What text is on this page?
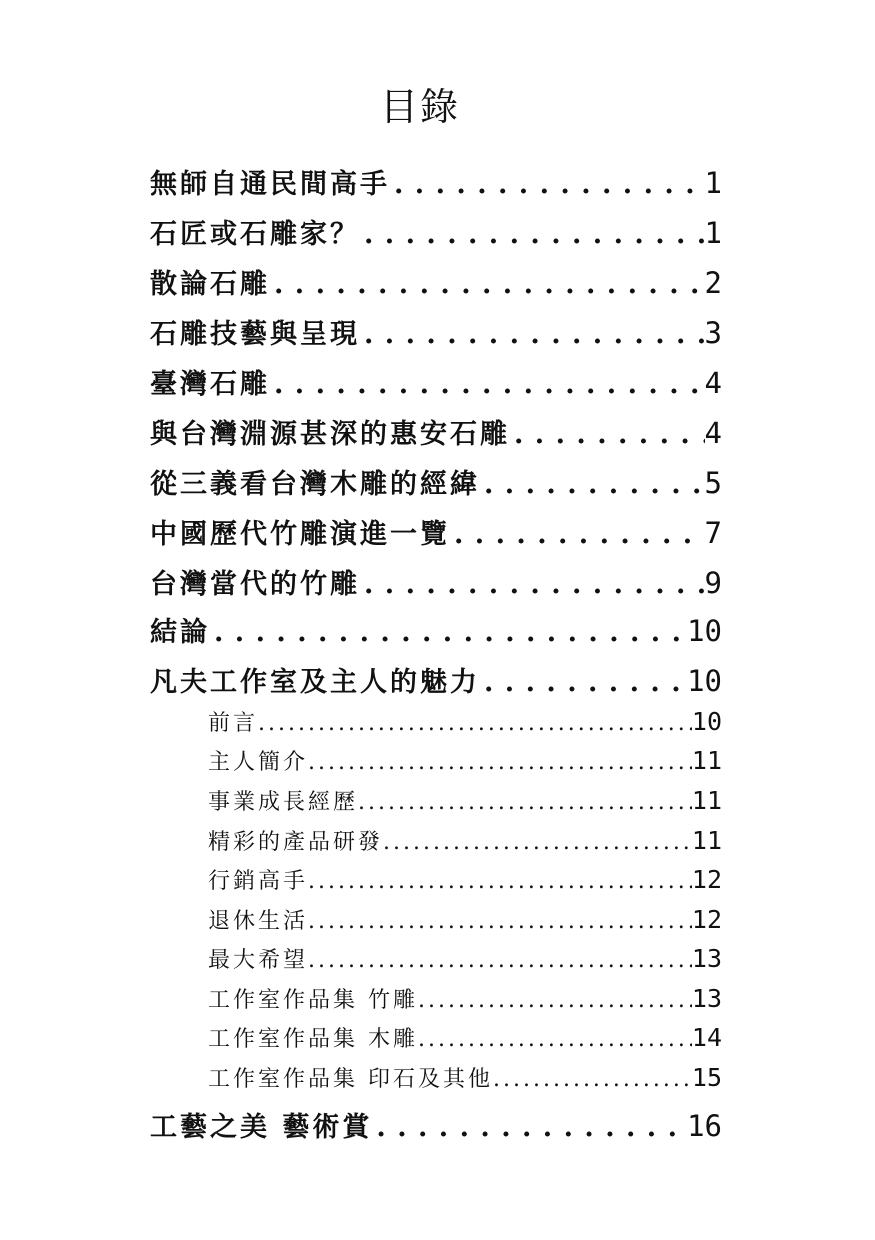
目錄
無師自通民間高手 . . .	1
石匠或石雕家？ . . .	1
散論石雕 . . .	2
石雕技藝與呈現 . . .	3
臺灣石雕 . . .	4
與台灣淵源甚深的惠安石雕 . . .	4
從三義看台灣木雕的經緯 . . .	5
中國歷代竹雕演進一覽 . . .	7
台灣當代的竹雕 . . .	9
結論 . . .	10
凡夫工作室及主人的魅力 . . .	10
前言 .....	10
主人簡介 .....	11
事業成長經歷 .....	11
精彩的產品研發 .....	11
行銷高手 .....	12
退休生活 .....	12
最大希望 .....	13
工作室作品集 竹雕 .....	13
工作室作品集 木雕 .....	14
工作室作品集 印石及其他 .....	15
工藝之美 藝術賞 . . .	16
